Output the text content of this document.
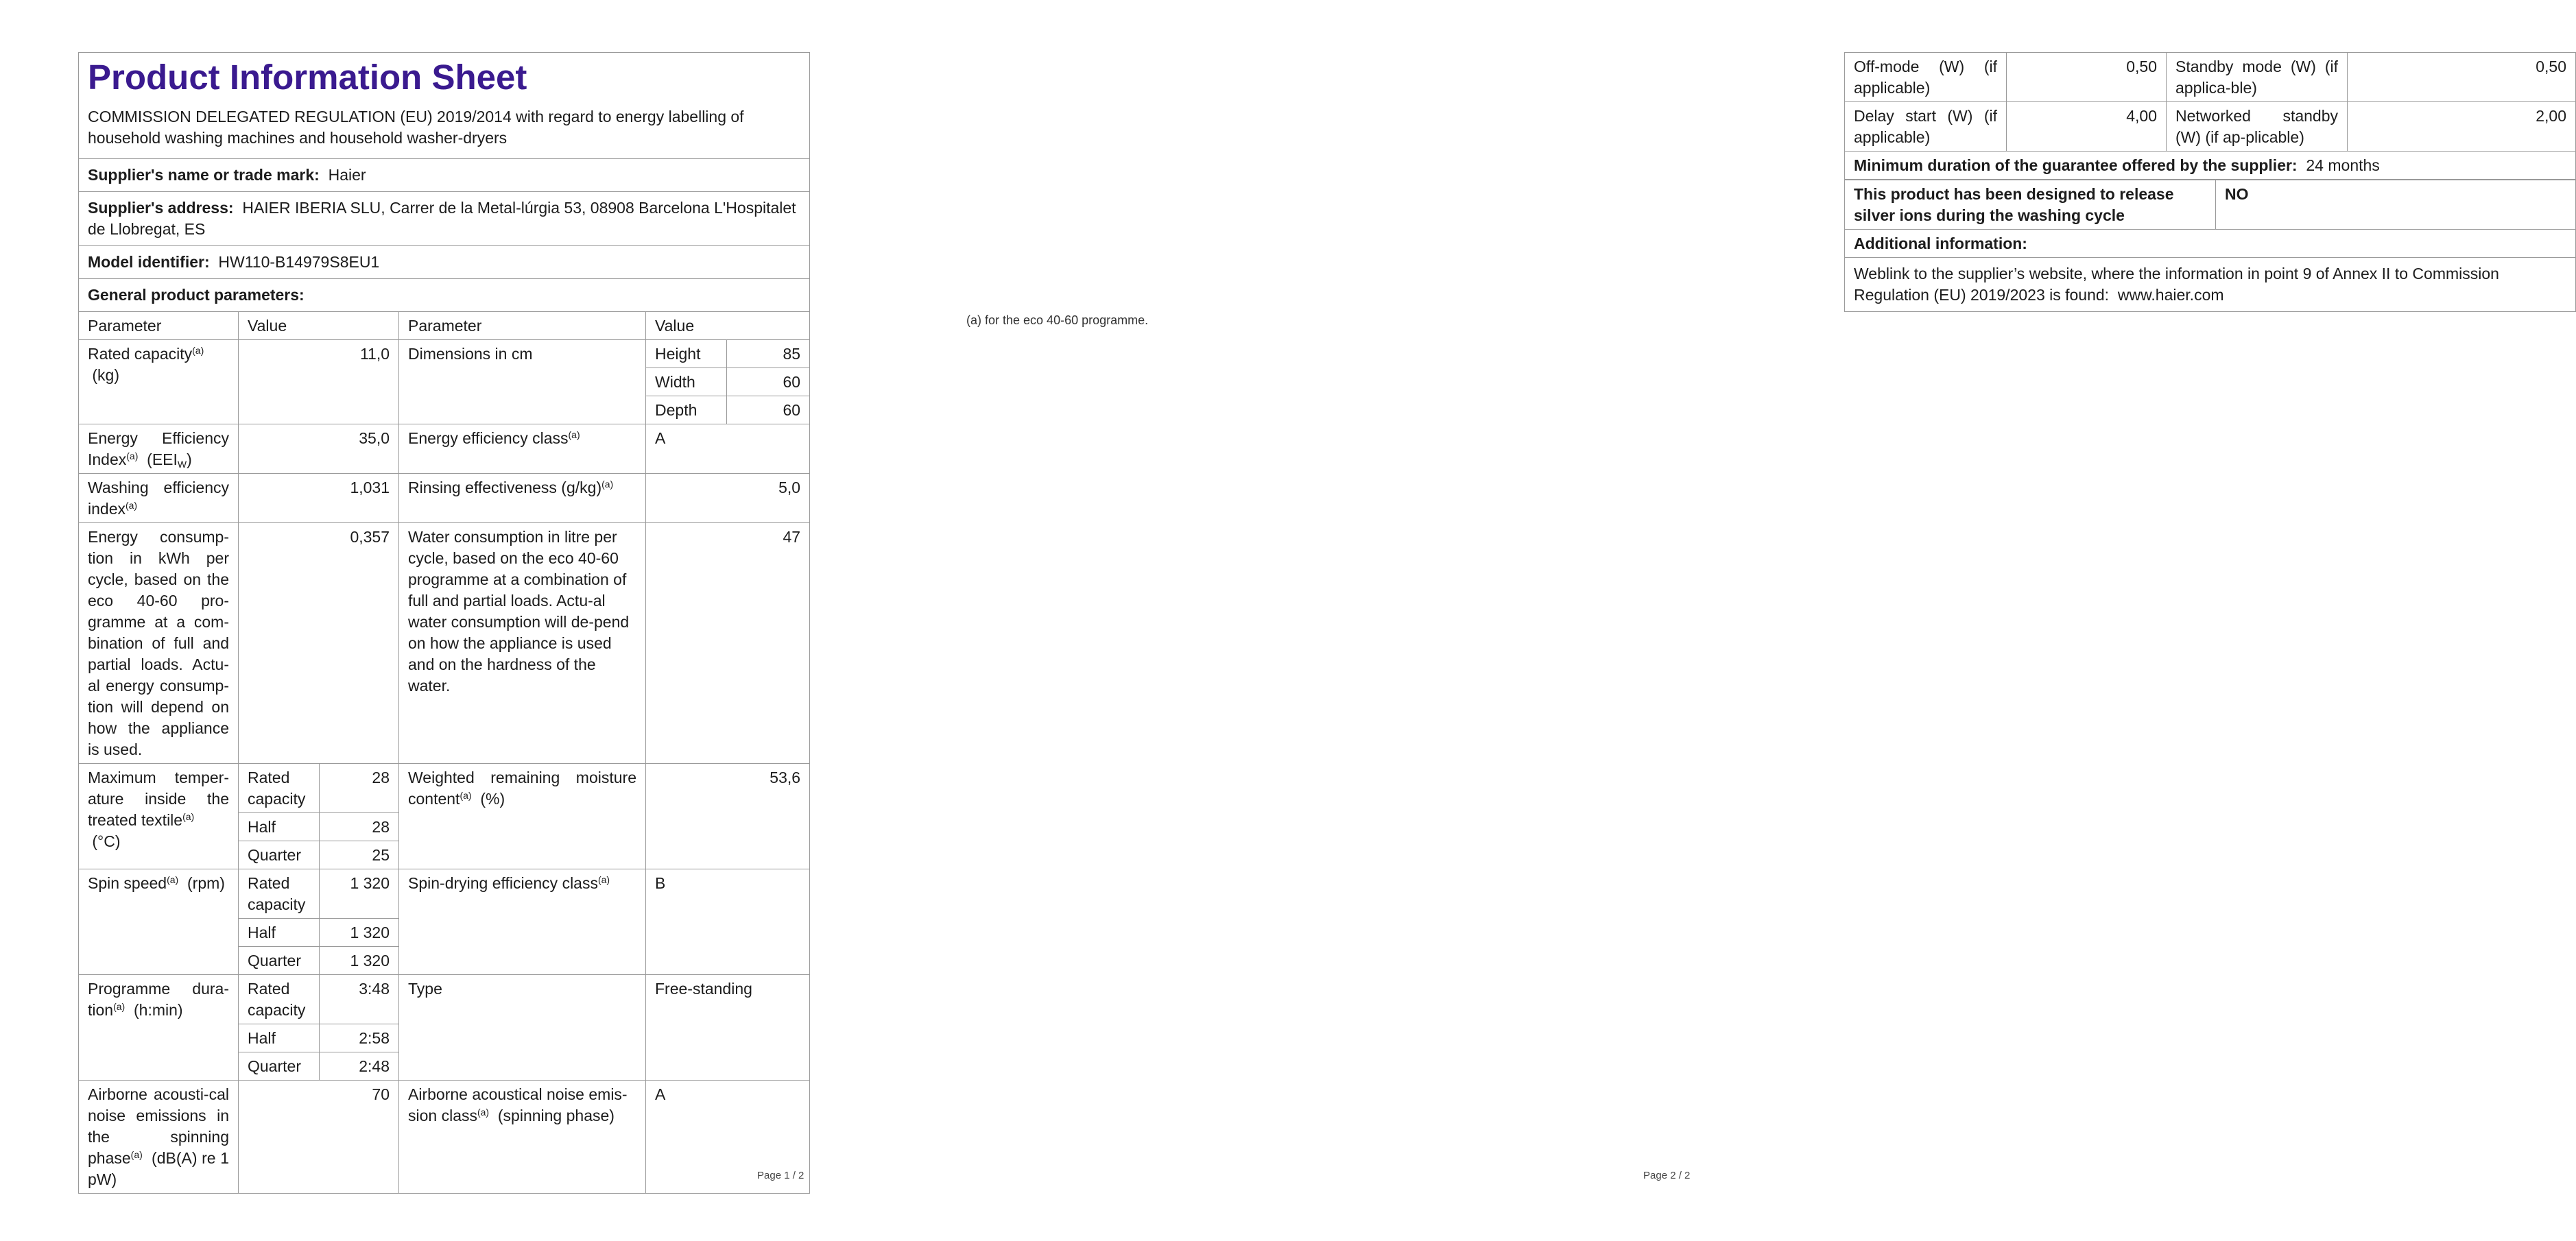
Product Information Sheet
COMMISSION DELEGATED REGULATION (EU) 2019/2014 with regard to energy labelling of household washing machines and household washer-dryers					

Supplier's name or trade mark: Haier					
Supplier's address: HAIER IBERIA SLU, Carrer de la Metal-lúrgia 53, 08908 Barcelona L'Hospitalet de Llobregat, ES					
Model identifier: HW110-B14979S8EU1					
General product parameters:					
Parameter	Value		Parameter	Value	
Rated capacity$^{(a)}$
(kg)	11,0		Dimensions in cm	Height	85
				Width	60
				Depth	60
Energy Efficiency Index$^{(a)}$ $(EEI_W)$	35,0		Energy efficiency class$^{(a)}$	A	
Washing efficiency index$^{(a)}$	1,031		Rinsing effectiveness $(g/kg)^{(a)}$	5,0	
Energy consump-tion in kWh per cycle, based on the eco 40-60 pro-gramme at a com-bination of full and partial loads. Actu-al energy consump-tion will depend on how the appliance is used.	0,357		Water consumption in litre per cycle, based on the eco 40-60 programme at a combination of full and partial loads. Actu-al water consumption will de-pend on how the appliance is used and on the hardness of the water.	47	
Maximum temper-ature inside the treated textile$^{(a)}$
(°C)	Rated capacity	28	Weighted remaining moisture content$^{(a)}$ (%)	53,6	
	Half	28			
	Quarter	25			
Spin speed$^{(a)}$ (rpm)	Rated capacity	1 320	Spin-drying efficiency class$^{(a)}$	B	
	Half	1 320			
	Quarter	1 320			
Programme dura-tion$^{(a)}$ (h:min)	Rated capacity	3:48	Type	Free-standing	
	Half	2:58			
	Quarter	2:48			
Airborne acousti-cal noise emissions in the spinning phase$^{(a)}$ (dB(A) re 1 pW)	70		Airborne acoustical noise emis-sion class$^{(a)}$ (spinning phase)	A	
Page 1 / 2
Off-mode (W) (if applicable)	0,50	Standby mode (W) (if applica-ble)		0,50
Delay start (W) (if applicable)	4,00	Networked standby (W) (if ap-plicable)		2,00
Minimum duration of the guarantee offered by the supplier: 24 months				
This product has been designed to release silver ions during the washing cycle			NO	
Additional information:				
Weblink to the supplier’s website, where the information in point 9 of Annex II to Commission Regulation (EU) 2019/2023 is found: www.haier.com				
(a) for the eco 40-60 programme.
Page 2 / 2
